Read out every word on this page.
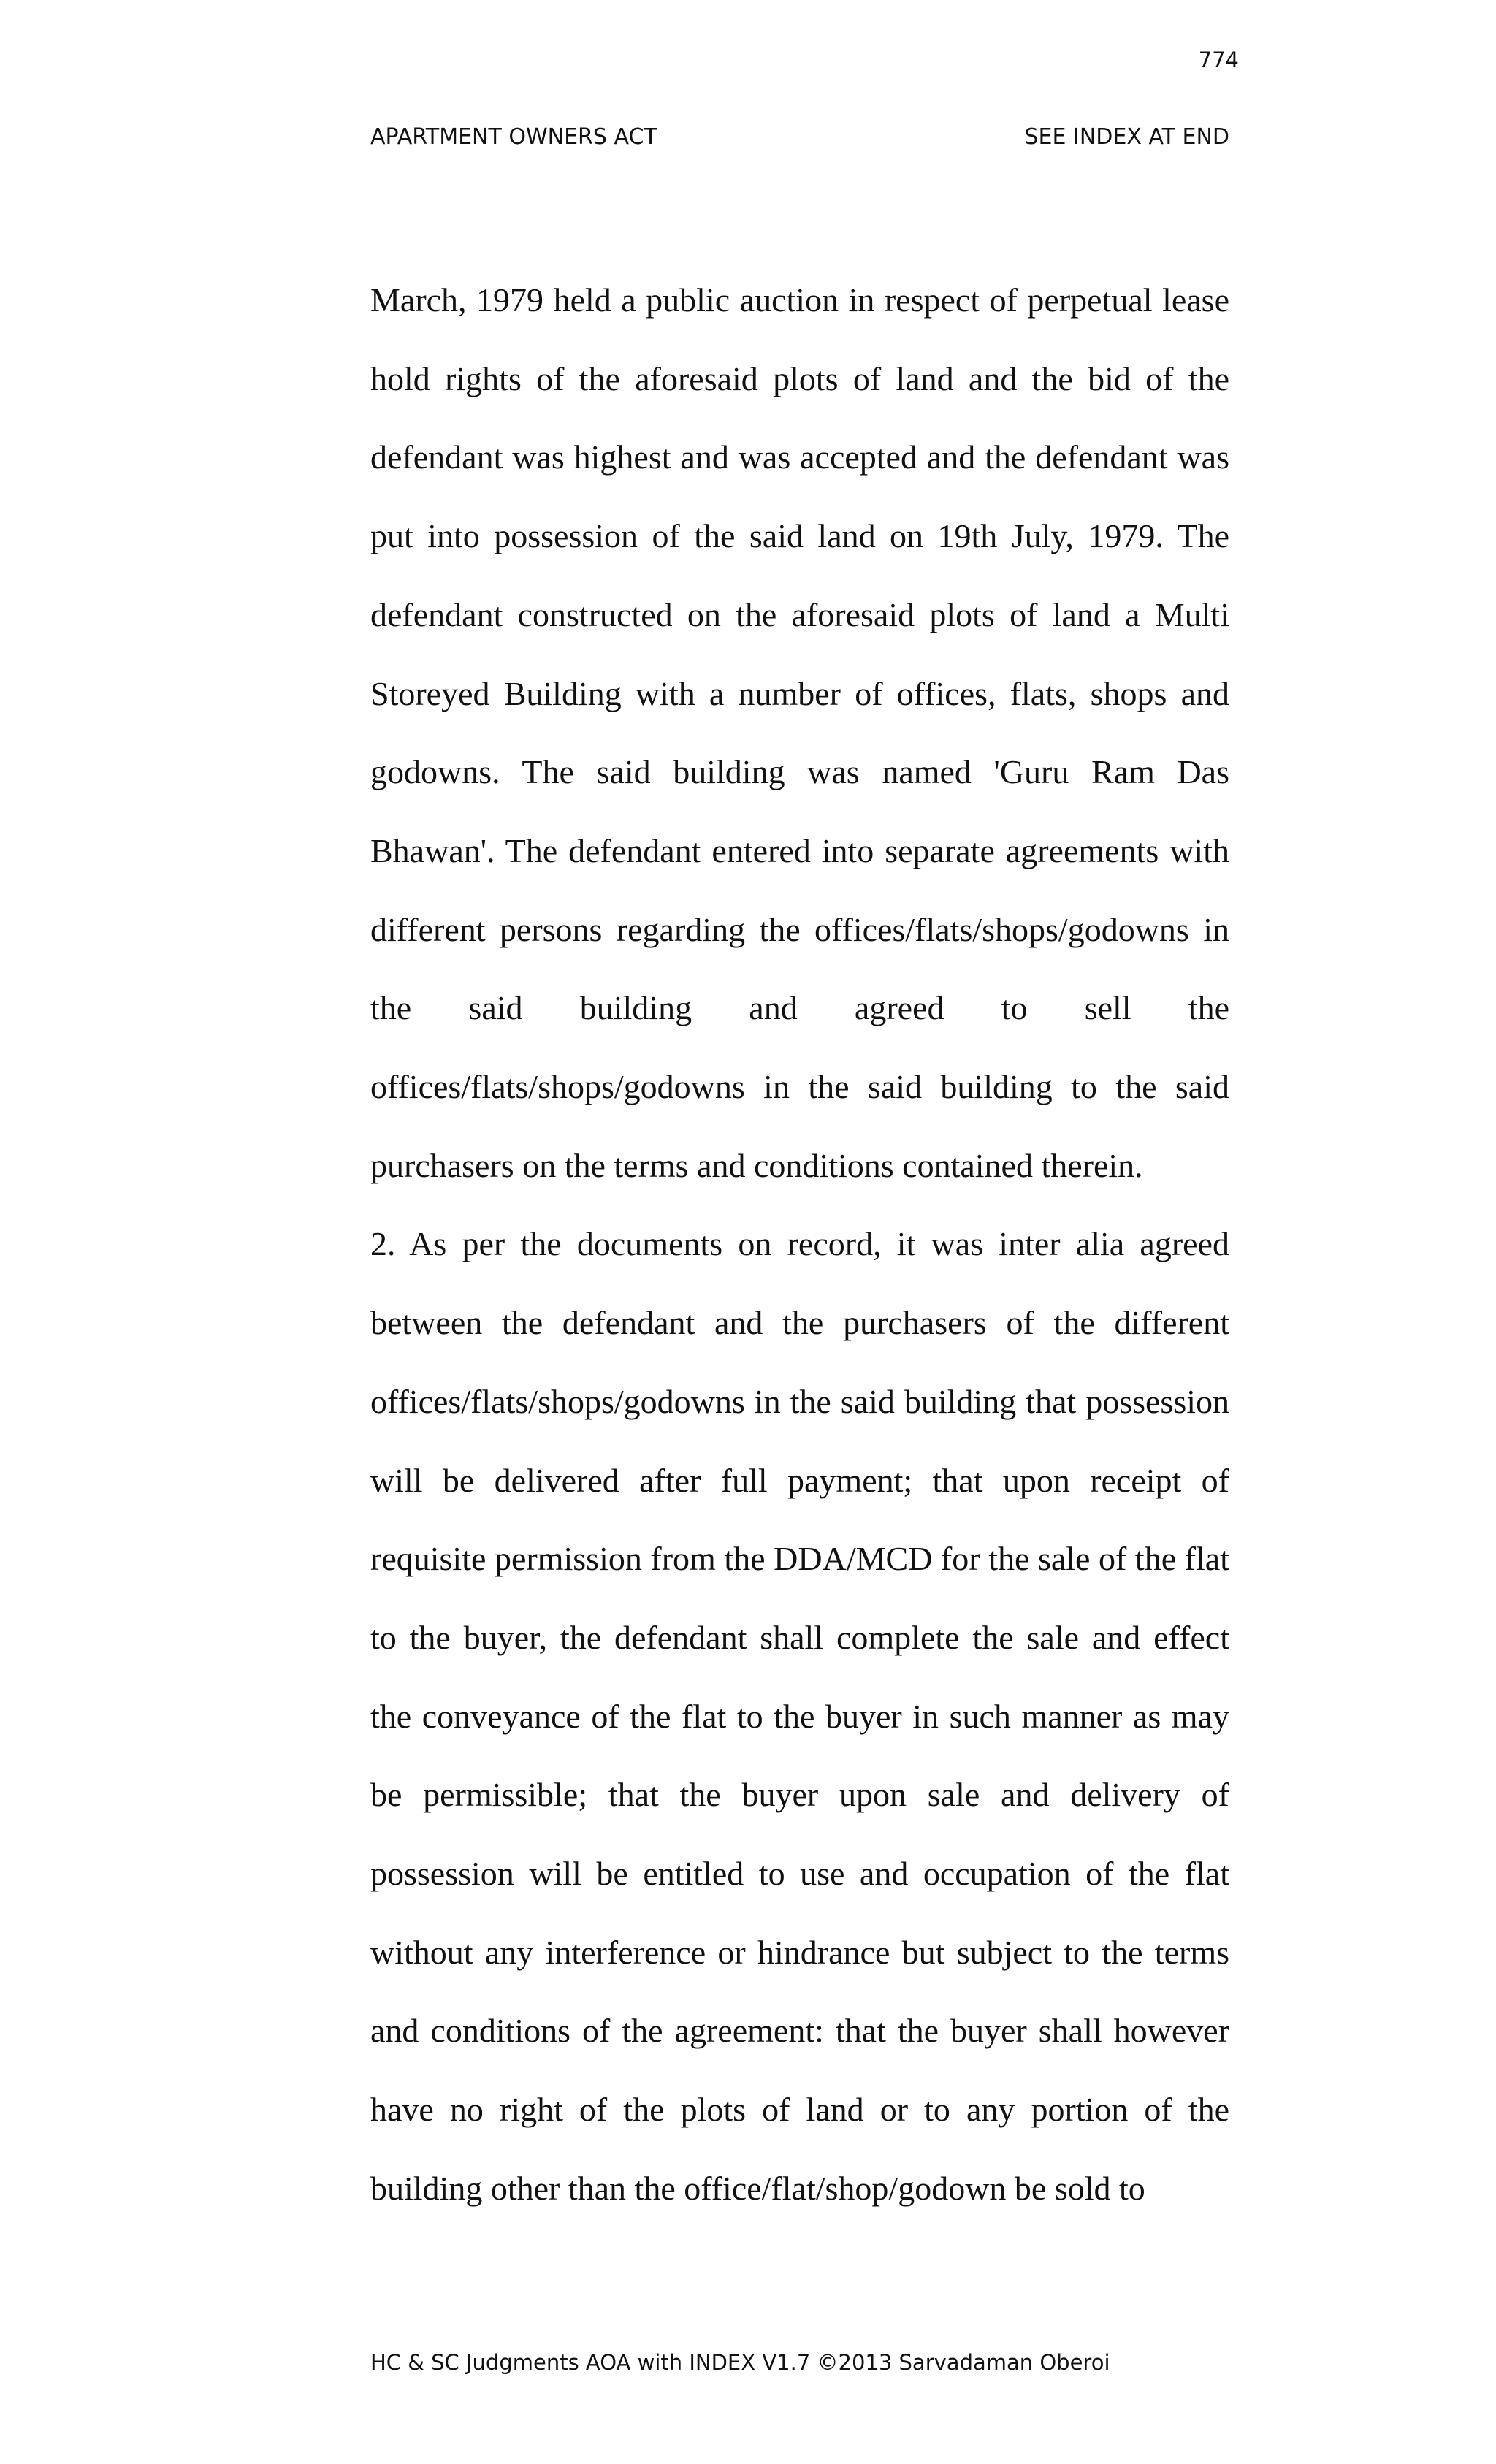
774
APARTMENT OWNERS ACT	SEE INDEX AT END

March, 1979 held a public auction in respect of perpetual lease hold rights of the aforesaid plots of land and the bid of the defendant was highest and was accepted and the defendant was put into possession of the said land on 19th July, 1979. The defendant constructed on the aforesaid plots of land a Multi Storeyed Building with a number of offices, flats, shops and godowns. The said building was named 'Guru Ram Das Bhawan'. The defendant entered into separate agreements with different persons regarding the offices/flats/shops/godowns in the said building and agreed to sell the offices/flats/shops/godowns in the said building to the said purchasers on the terms and conditions contained therein.

2. As per the documents on record, it was inter alia agreed between the defendant and the purchasers of the different offices/flats/shops/godowns in the said building that possession will be delivered after full payment; that upon receipt of requisite permission from the DDA/MCD for the sale of the flat to the buyer, the defendant shall complete the sale and effect the conveyance of the flat to the buyer in such manner as may be permissible; that the buyer upon sale and delivery of possession will be entitled to use and occupation of the flat without any interference or hindrance but subject to the terms and conditions of the agreement: that the buyer shall however have no right of the plots of land or to any portion of the building other than the office/flat/shop/godown be sold to

HC & SC Judgments AOA with INDEX V1.7 ©2013 Sarvadaman Oberoi
